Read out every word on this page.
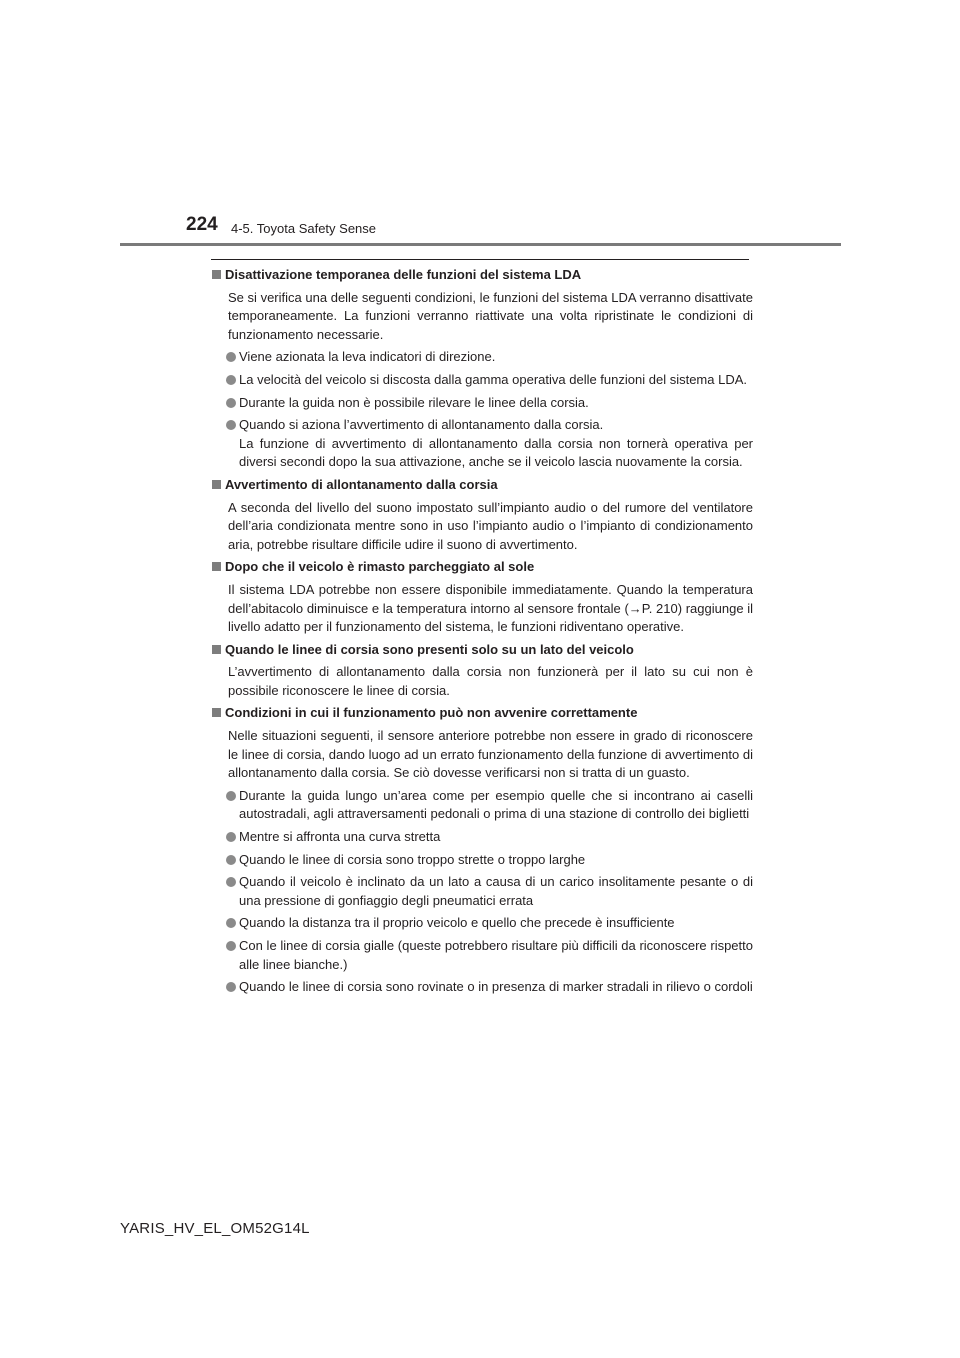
224 4-5. Toyota Safety Sense
Disattivazione temporanea delle funzioni del sistema LDA
Se si verifica una delle seguenti condizioni, le funzioni del sistema LDA verranno disattivate temporaneamente. La funzioni verranno riattivate una volta ripristinate le condizioni di funzionamento necessarie.
Viene azionata la leva indicatori di direzione.
La velocità del veicolo si discosta dalla gamma operativa delle funzioni del sistema LDA.
Durante la guida non è possibile rilevare le linee della corsia.
Quando si aziona l’avvertimento di allontanamento dalla corsia.
La funzione di avvertimento di allontanamento dalla corsia non tornerà operativa per diversi secondi dopo la sua attivazione, anche se il veicolo lascia nuovamente la corsia.
Avvertimento di allontanamento dalla corsia
A seconda del livello del suono impostato sull’impianto audio o del rumore del ventilatore dell’aria condizionata mentre sono in uso l’impianto audio o l’impianto di condizionamento aria, potrebbe risultare difficile udire il suono di avvertimento.
Dopo che il veicolo è rimasto parcheggiato al sole
Il sistema LDA potrebbe non essere disponibile immediatamente. Quando la temperatura dell’abitacolo diminuisce e la temperatura intorno al sensore frontale (→P. 210) raggiunge il livello adatto per il funzionamento del sistema, le funzioni ridiventano operative.
Quando le linee di corsia sono presenti solo su un lato del veicolo
L’avvertimento di allontanamento dalla corsia non funzionerà per il lato su cui non è possibile riconoscere le linee di corsia.
Condizioni in cui il funzionamento può non avvenire correttamente
Nelle situazioni seguenti, il sensore anteriore potrebbe non essere in grado di riconoscere le linee di corsia, dando luogo ad un errato funzionamento della funzione di avvertimento di allontanamento dalla corsia. Se ciò dovesse verificarsi non si tratta di un guasto.
Durante la guida lungo un’area come per esempio quelle che si incontrano ai caselli autostradali, agli attraversamenti pedonali o prima di una stazione di controllo dei biglietti
Mentre si affronta una curva stretta
Quando le linee di corsia sono troppo strette o troppo larghe
Quando il veicolo è inclinato da un lato a causa di un carico insolitamente pesante o di una pressione di gonfiaggio degli pneumatici errata
Quando la distanza tra il proprio veicolo e quello che precede è insufficiente
Con le linee di corsia gialle (queste potrebbero risultare più difficili da riconoscere rispetto alle linee bianche.)
Quando le linee di corsia sono rovinate o in presenza di marker stradali in rilievo o cordoli
YARIS_HV_EL_OM52G14L
